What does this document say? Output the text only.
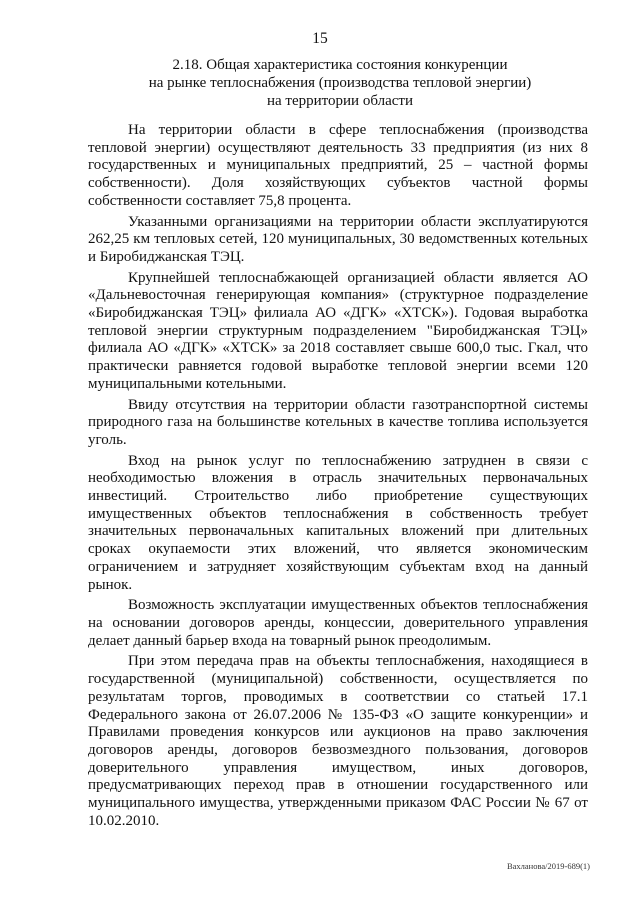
15
2.18. Общая характеристика состояния конкуренции
на рынке теплоснабжения (производства тепловой энергии)
на территории области

На территории области в сфере теплоснабжения (производства тепловой энергии) осуществляют деятельность 33 предприятия (из них 8 государственных и муниципальных предприятий, 25 – частной формы собственности). Доля хозяйствующих субъектов частной формы собственности составляет 75,8 процента.

Указанными организациями на территории области эксплуатируются 262,25 км тепловых сетей, 120 муниципальных, 30 ведомственных котельных и Биробиджанская ТЭЦ.

Крупнейшей теплоснабжающей организацией области является АО «Дальневосточная генерирующая компания» (структурное подразделение «Биробиджанская ТЭЦ» филиала АО «ДГК» «ХТСК»). Годовая выработка тепловой энергии структурным подразделением "Биробиджанская ТЭЦ» филиала АО «ДГК» «ХТСК» за 2018 составляет свыше 600,0 тыс. Гкал, что практически равняется годовой выработке тепловой энергии всеми 120 муниципальными котельными.

Ввиду отсутствия на территории области газотранспортной системы природного газа на большинстве котельных в качестве топлива используется уголь.

Вход на рынок услуг по теплоснабжению затруднен в связи с необходимостью вложения в отрасль значительных первоначальных инвестиций. Строительство либо приобретение существующих имущественных объектов теплоснабжения в собственность требует значительных первоначальных капитальных вложений при длительных сроках окупаемости этих вложений, что является экономическим ограничением и затрудняет хозяйствующим субъектам вход на данный рынок.

Возможность эксплуатации имущественных объектов теплоснабжения на основании договоров аренды, концессии, доверительного управления делает данный барьер входа на товарный рынок преодолимым.

При этом передача прав на объекты теплоснабжения, находящиеся в государственной (муниципальной) собственности, осуществляется по результатам торгов, проводимых в соответствии со статьей 17.1 Федерального закона от 26.07.2006 № 135-ФЗ «О защите конкуренции» и Правилами проведения конкурсов или аукционов на право заключения договоров аренды, договоров безвозмездного пользования, договоров доверительного управления имуществом, иных договоров, предусматривающих переход прав в отношении государственного или муниципального имущества, утвержденными приказом ФАС России № 67 от 10.02.2010.

Вахланова/2019-689(1)
